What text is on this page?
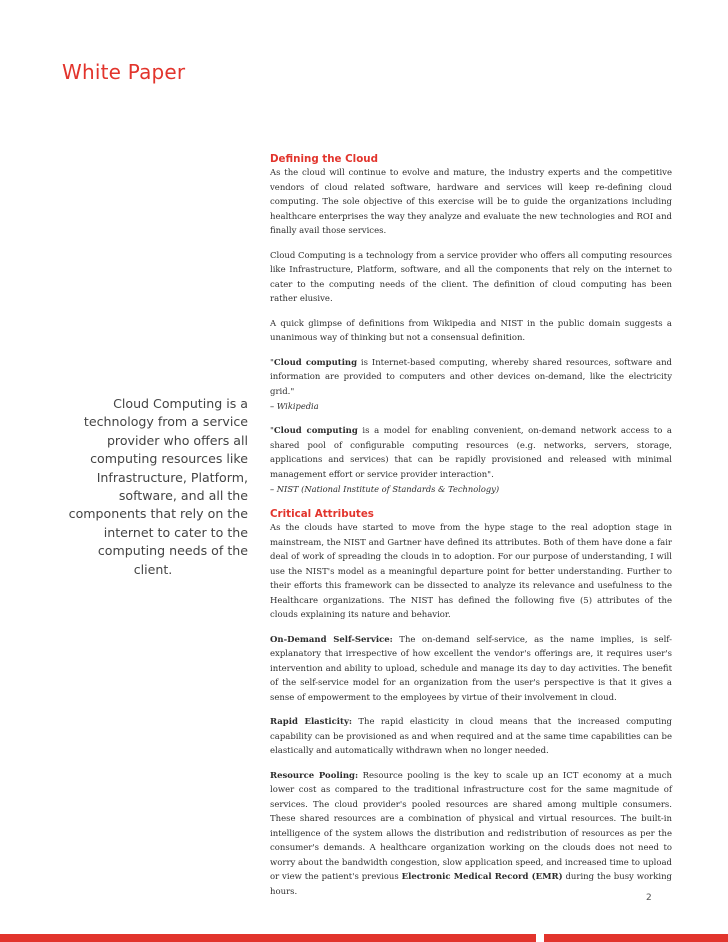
White Paper
Cloud Computing is a technology from a service provider who offers all computing resources like Infrastructure, Platform, software, and all the components that rely on the internet to cater to the computing needs of the client.
Defining the Cloud

As the cloud will continue to evolve and mature, the industry experts and the competitive vendors of cloud related software, hardware and services will keep re-defining cloud computing. The sole objective of this exercise will be to guide the organizations including healthcare enterprises the way they analyze and evaluate the new technologies and ROI and finally avail those services.

Cloud Computing is a technology from a service provider who offers all computing resources like Infrastructure, Platform, software, and all the components that rely on the internet to cater to the computing needs of the client. The definition of cloud computing has been rather elusive.

A quick glimpse of definitions from Wikipedia and NIST in the public domain suggests a unanimous way of thinking but not a consensual definition.

"Cloud computing is Internet-based computing, whereby shared resources, software and information are provided to computers and other devices on-demand, like the electricity grid."
– Wikipedia

"Cloud computing is a model for enabling convenient, on-demand network access to a shared pool of configurable computing resources (e.g. networks, servers, storage, applications and services) that can be rapidly provisioned and released with minimal management effort or service provider interaction".
– NIST (National Institute of Standards & Technology)

Critical Attributes

As the clouds have started to move from the hype stage to the real adoption stage in mainstream, the NIST and Gartner have defined its attributes. Both of them have done a fair deal of work of spreading the clouds in to adoption. For our purpose of understanding, I will use the NIST's model as a meaningful departure point for better understanding. Further to their efforts this framework can be dissected to analyze its relevance and usefulness to the Healthcare organizations. The NIST has defined the following five (5) attributes of the clouds explaining its nature and behavior.

On-Demand Self-Service: The on-demand self-service, as the name implies, is self-explanatory that irrespective of how excellent the vendor's offerings are, it requires user's intervention and ability to upload, schedule and manage its day to day activities. The benefit of the self-service model for an organization from the user's perspective is that it gives a sense of empowerment to the employees by virtue of their involvement in cloud.

Rapid Elasticity: The rapid elasticity in cloud means that the increased computing capability can be provisioned as and when required and at the same time capabilities can be elastically and automatically withdrawn when no longer needed.

Resource Pooling: Resource pooling is the key to scale up an ICT economy at a much lower cost as compared to the traditional infrastructure cost for the same magnitude of services. The cloud provider's pooled resources are shared among multiple consumers. These shared resources are a combination of physical and virtual resources. The built-in intelligence of the system allows the distribution and redistribution of resources as per the consumer's demands. A healthcare organization working on the clouds does not need to worry about the bandwidth congestion, slow application speed, and increased time to upload or view the patient's previous Electronic Medical Record (EMR) during the busy working hours.

2
